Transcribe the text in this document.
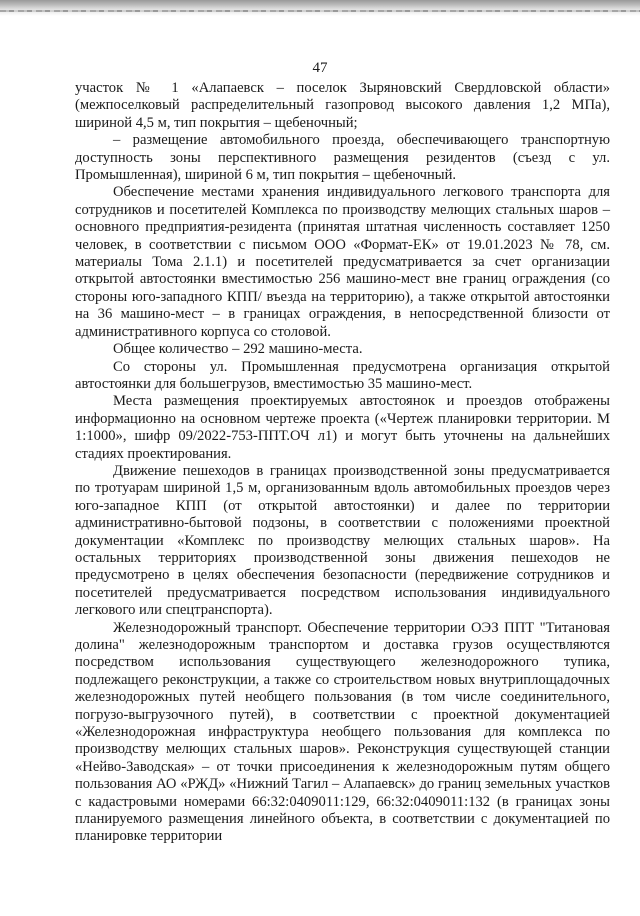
47

участок № 1 «Алапаевск – поселок Зыряновский Свердловской области» (межпоселковый распределительный газопровод высокого давления 1,2 МПа), шириной 4,5 м, тип покрытия – щебеночный;

– размещение автомобильного проезда, обеспечивающего транспортную доступность зоны перспективного размещения резидентов (съезд с ул. Промышленная), шириной 6 м, тип покрытия – щебеночный.

Обеспечение местами хранения индивидуального легкового транспорта для сотрудников и посетителей Комплекса по производству мелющих стальных шаров – основного предприятия-резидента (принятая штатная численность составляет 1250 человек, в соответствии с письмом ООО «Формат-ЕК» от 19.01.2023 № 78, см. материалы Тома 2.1.1) и посетителей предусматривается за счет организации открытой автостоянки вместимостью 256 машино-мест вне границ ограждения (со стороны юго-западного КПП/ въезда на территорию), а также открытой автостоянки на 36 машино-мест – в границах ограждения, в непосредственной близости от административного корпуса со столовой.

Общее количество – 292 машино-места.

Со стороны ул. Промышленная предусмотрена организация открытой автостоянки для большегрузов, вместимостью 35 машино-мест.

Места размещения проектируемых автостоянок и проездов отображены информационно на основном чертеже проекта («Чертеж планировки территории. М 1:1000», шифр 09/2022-753-ППТ.ОЧ л1) и могут быть уточнены на дальнейших стадиях проектирования.

Движение пешеходов в границах производственной зоны предусматривается по тротуарам шириной 1,5 м, организованным вдоль автомобильных проездов через юго-западное КПП (от открытой автостоянки) и далее по территории административно-бытовой подзоны, в соответствии с положениями проектной документации «Комплекс по производству мелющих стальных шаров». На остальных территориях производственной зоны движения пешеходов не предусмотрено в целях обеспечения безопасности (передвижение сотрудников и посетителей предусматривается посредством использования индивидуального легкового или спецтранспорта).

Железнодорожный транспорт. Обеспечение территории ОЭЗ ППТ "Титановая долина" железнодорожным транспортом и доставка грузов осуществляются посредством использования существующего железнодорожного тупика, подлежащего реконструкции, а также со строительством новых внутриплощадочных железнодорожных путей необщего пользования (в том числе соединительного, погрузо-выгрузочного путей), в соответствии с проектной документацией «Железнодорожная инфраструктура необщего пользования для комплекса по производству мелющих стальных шаров». Реконструкция существующей станции «Нейво-Заводская» – от точки присоединения к железнодорожным путям общего пользования АО «РЖД» «Нижний Тагил – Алапаевск» до границ земельных участков с кадастровыми номерами 66:32:0409011:129, 66:32:0409011:132 (в границах зоны планируемого размещения линейного объекта, в соответствии с документацией по планировке территории
